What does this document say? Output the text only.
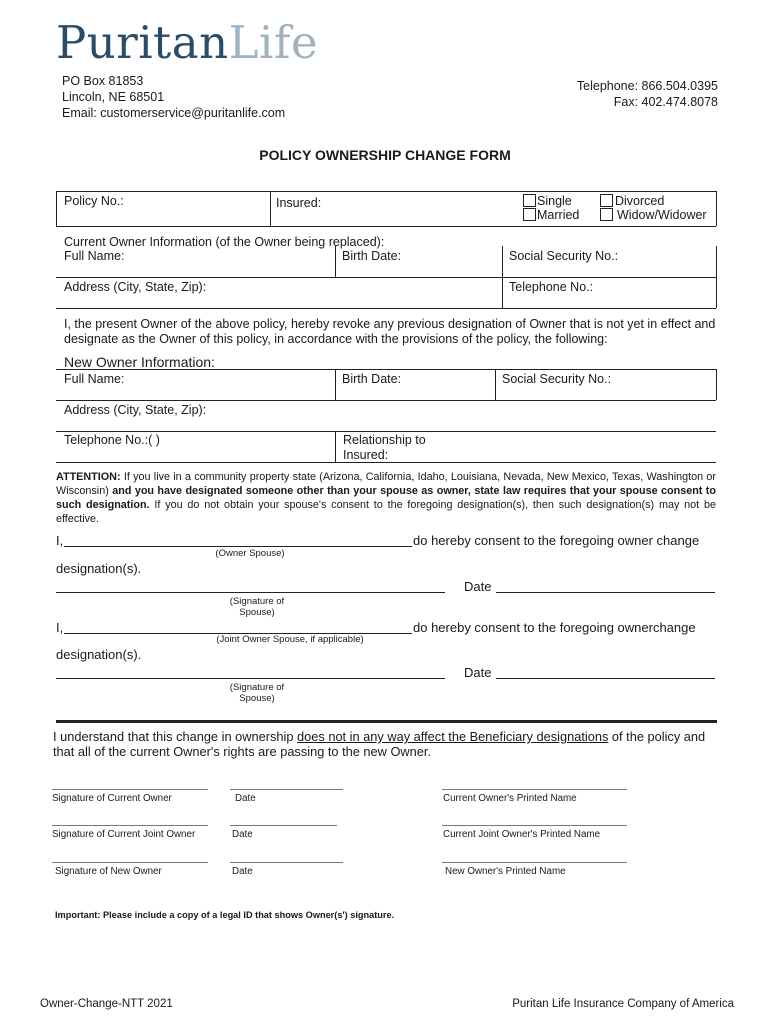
PuritanLife
PO Box 81853
Lincoln, NE 68501
Email: customerservice@puritanlife.com
Telephone: 866.504.0395
Fax: 402.474.8078
POLICY OWNERSHIP CHANGE FORM
Policy No.:	Insured:	Single
Married
Divorced
Widow/Widower
Current Owner Information (of the Owner being replaced):
Full Name:	Birth Date:	Social Security No.:
Address (City, State, Zip):	Telephone No.:
I, the present Owner of the above policy, hereby revoke any previous designation of Owner that is not yet in effect and designate as the Owner of this policy, in accordance with the provisions of the policy, the following:
New Owner Information:
Full Name:	Birth Date:	Social Security No.:
Address (City, State, Zip):
Telephone No.:( )	Relationship to Insured:
ATTENTION: If you live in a community property state (Arizona, California, Idaho, Louisiana, Nevada, New Mexico, Texas, Washington or Wisconsin) and you have designated someone other than your spouse as owner, state law requires that your spouse consent to such designation. If you do not obtain your spouse's consent to the foregoing designation(s), then such designation(s) may not be effective.
I,	do hereby consent to the foregoing owner change
(Owner Spouse)
designation(s).
Date
(Signature of Spouse)
I,	do hereby consent to the foregoing ownerchange
(Joint Owner Spouse, if applicable)
designation(s).
Date
(Signature of Spouse)
I understand that this change in ownership does not in any way affect the Beneficiary designations of the policy and that all of the current Owner's rights are passing to the new Owner.
Signature of Current Owner	Date	Current Owner's Printed Name
Signature of Current Joint Owner	Date	Current Joint Owner's Printed Name
Signature of New Owner	Date	New Owner's Printed Name
Important: Please include a copy of a legal ID that shows Owner(s') signature.
Owner-Change-NTT 2021	Puritan Life Insurance Company of America
